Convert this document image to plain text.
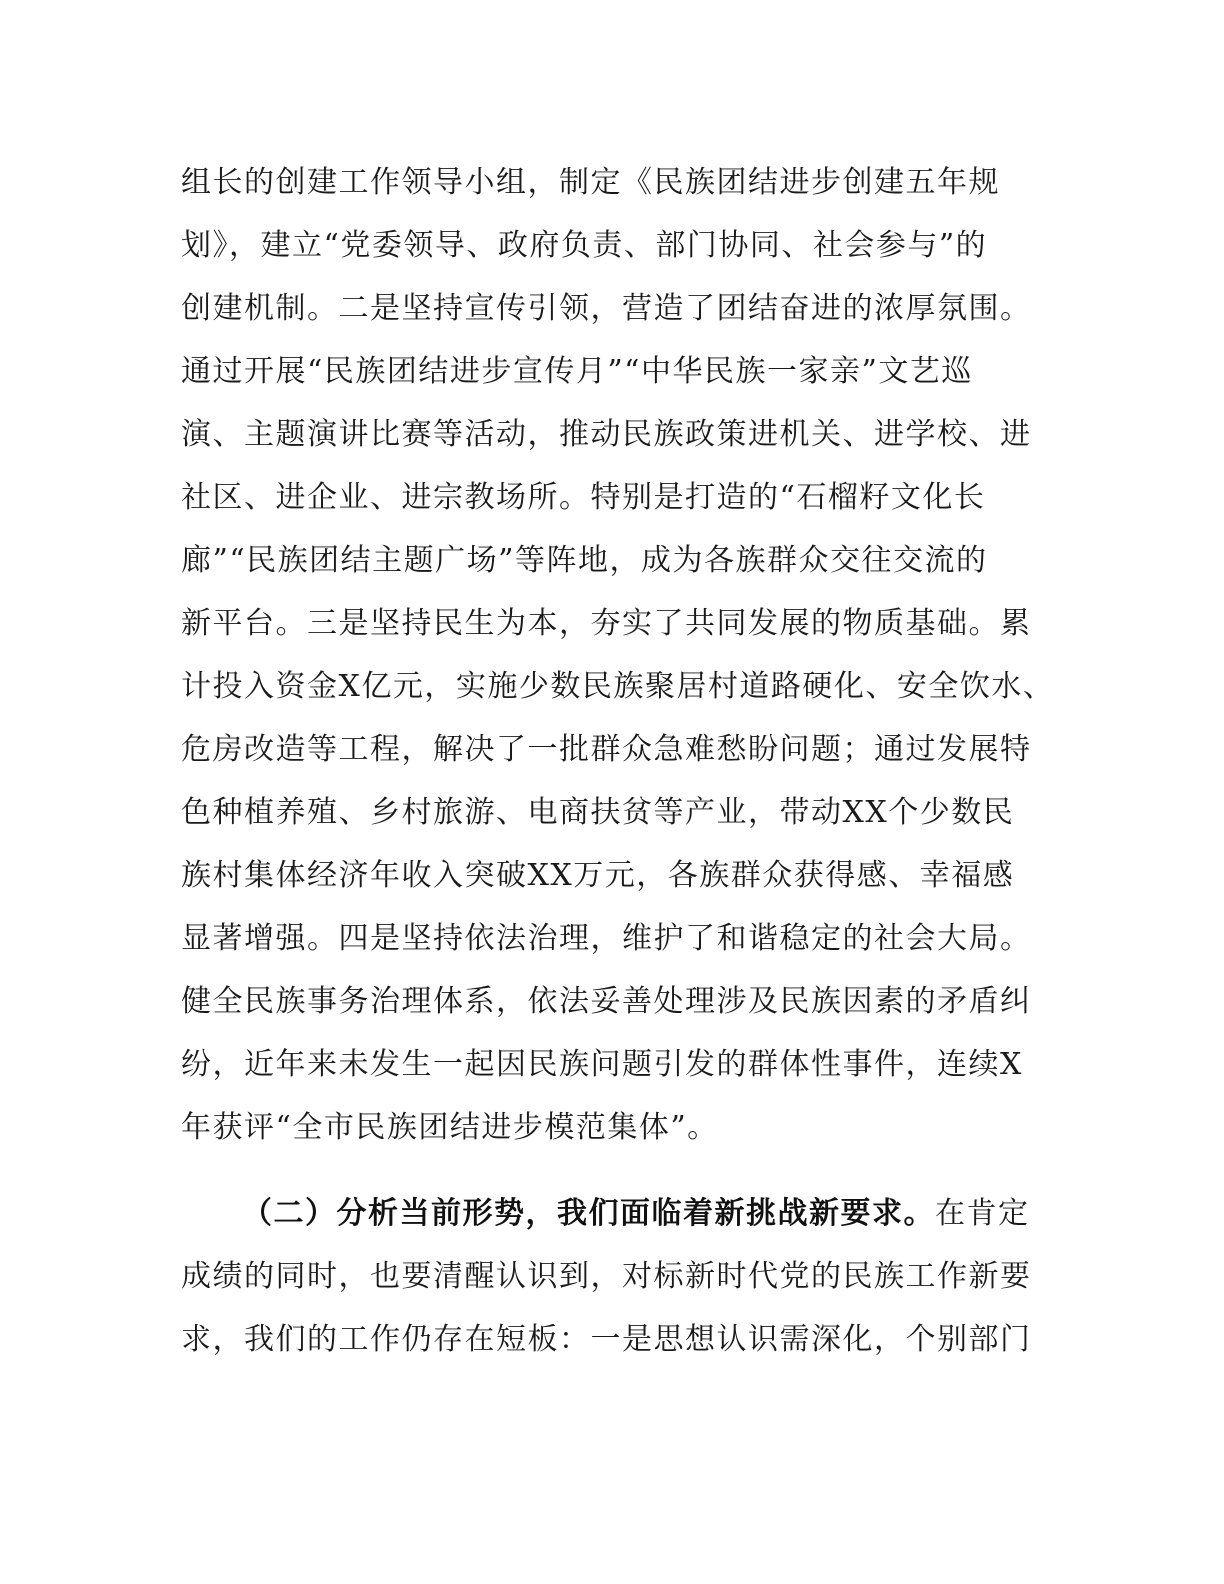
组长的创建工作领导小组，制定《民族团结进步创建五年规
划》，建立“党委领导、政府负责、部门协同、社会参与”的
创建机制。二是坚持宣传引领，营造了团结奋进的浓厚氛围。
通过开展“民族团结进步宣传月”“中华民族一家亲”文艺巡
演、主题演讲比赛等活动，推动民族政策进机关、进学校、进
社区、进企业、进宗教场所。特别是打造的“石榴籽文化长
廊”“民族团结主题广场”等阵地，成为各族群众交往交流的
新平台。三是坚持民生为本，夯实了共同发展的物质基础。累
计投入资金X亿元，实施少数民族聚居村道路硬化、安全饮水、
危房改造等工程，解决了一批群众急难愁盼问题；通过发展特
色种植养殖、乡村旅游、电商扶贫等产业，带动XX个少数民
族村集体经济年收入突破XX万元，各族群众获得感、幸福感
显著增强。四是坚持依法治理，维护了和谐稳定的社会大局。
健全民族事务治理体系，依法妥善处理涉及民族因素的矛盾纠
纷，近年来未发生一起因民族问题引发的群体性事件，连续X
年获评“全市民族团结进步模范集体”。
（二）分析当前形势，我们面临着新挑战新要求。在肯定
成绩的同时，也要清醒认识到，对标新时代党的民族工作新要
求，我们的工作仍存在短板：一是思想认识需深化，个别部门
